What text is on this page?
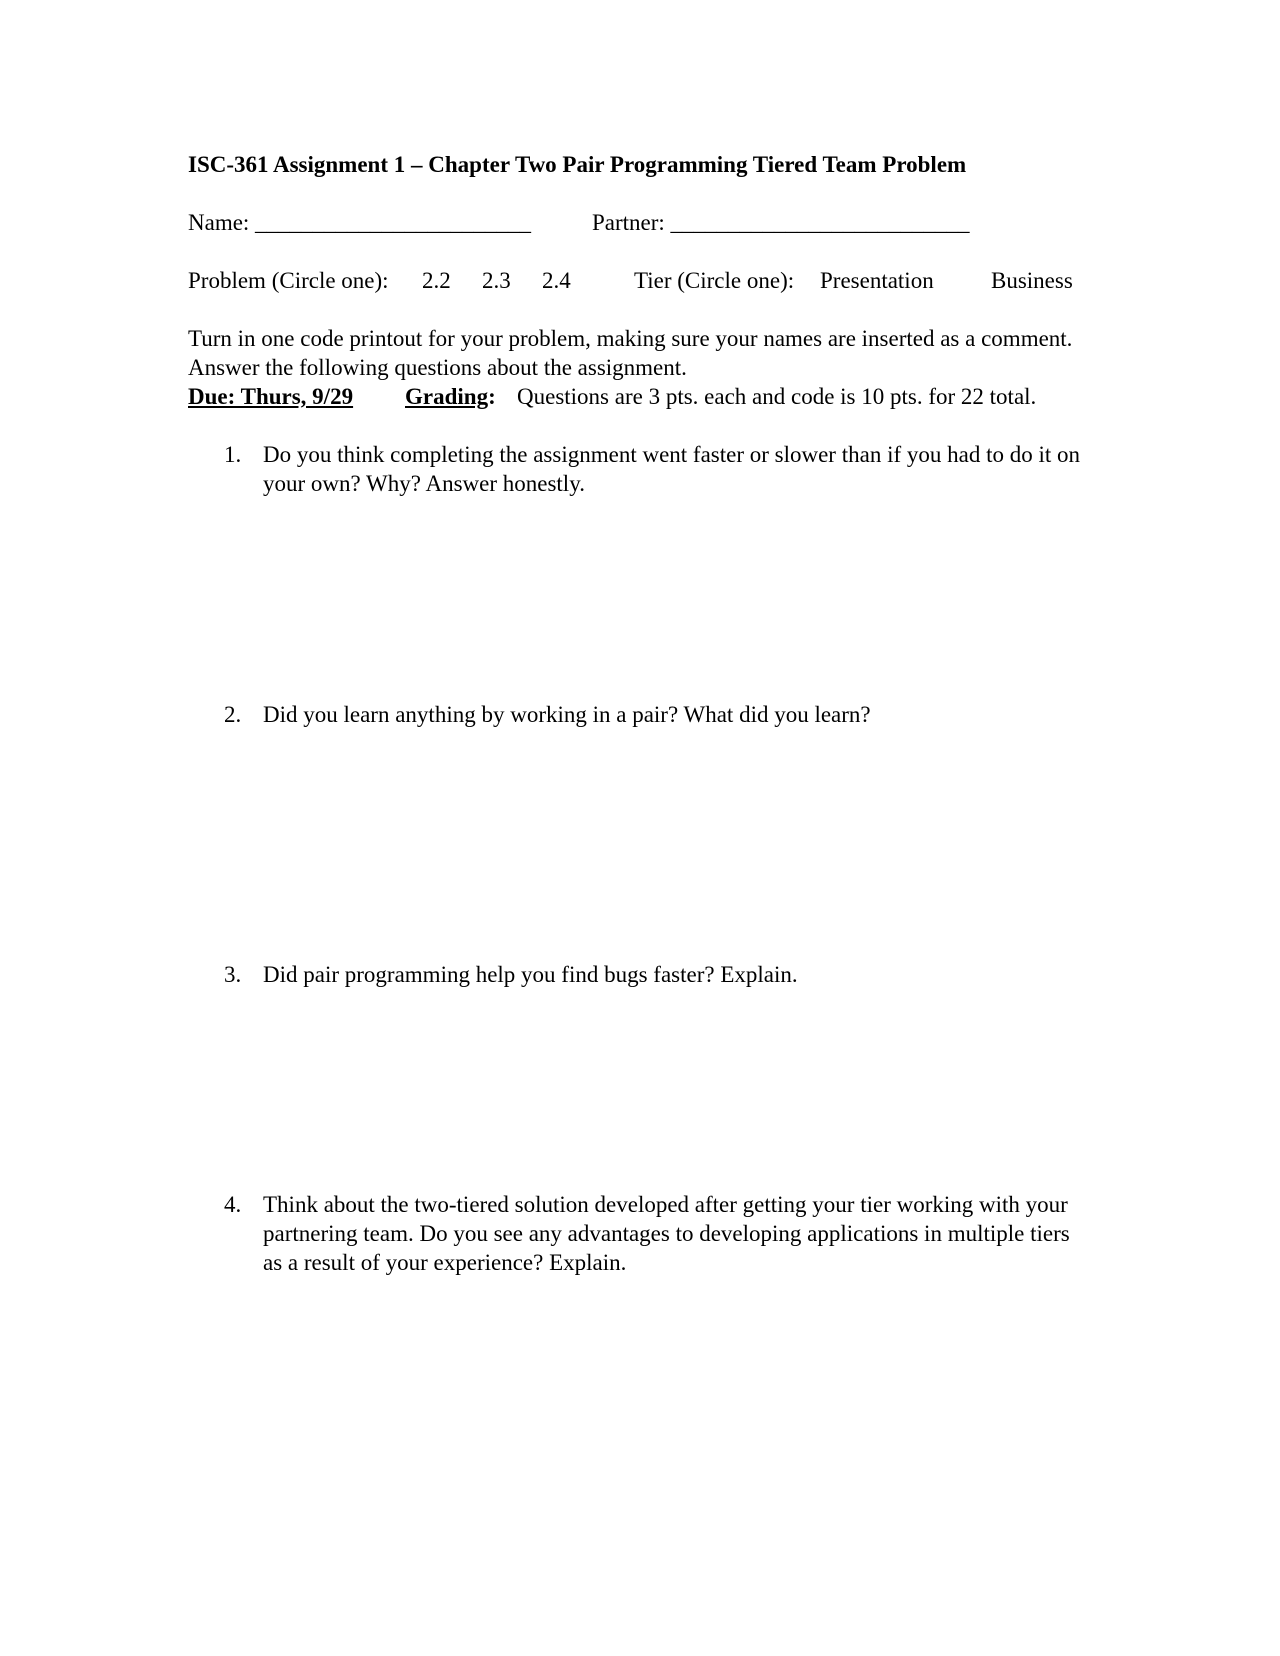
ISC-361 Assignment 1 – Chapter Two Pair Programming Tiered Team Problem
Name: ________________________	Partner: __________________________
Problem (Circle one): 2.2 2.3 2.4	Tier (Circle one): Presentation Business
Turn in one code printout for your problem, making sure your names are inserted as a comment. Answer the following questions about the assignment.
Due: Thurs, 9/29 Grading: Questions are 3 pts. each and code is 10 pts. for 22 total.
1. Do you think completing the assignment went faster or slower than if you had to do it on your own? Why? Answer honestly.
2. Did you learn anything by working in a pair? What did you learn?
3. Did pair programming help you find bugs faster? Explain.
4. Think about the two-tiered solution developed after getting your tier working with your partnering team. Do you see any advantages to developing applications in multiple tiers as a result of your experience? Explain.
